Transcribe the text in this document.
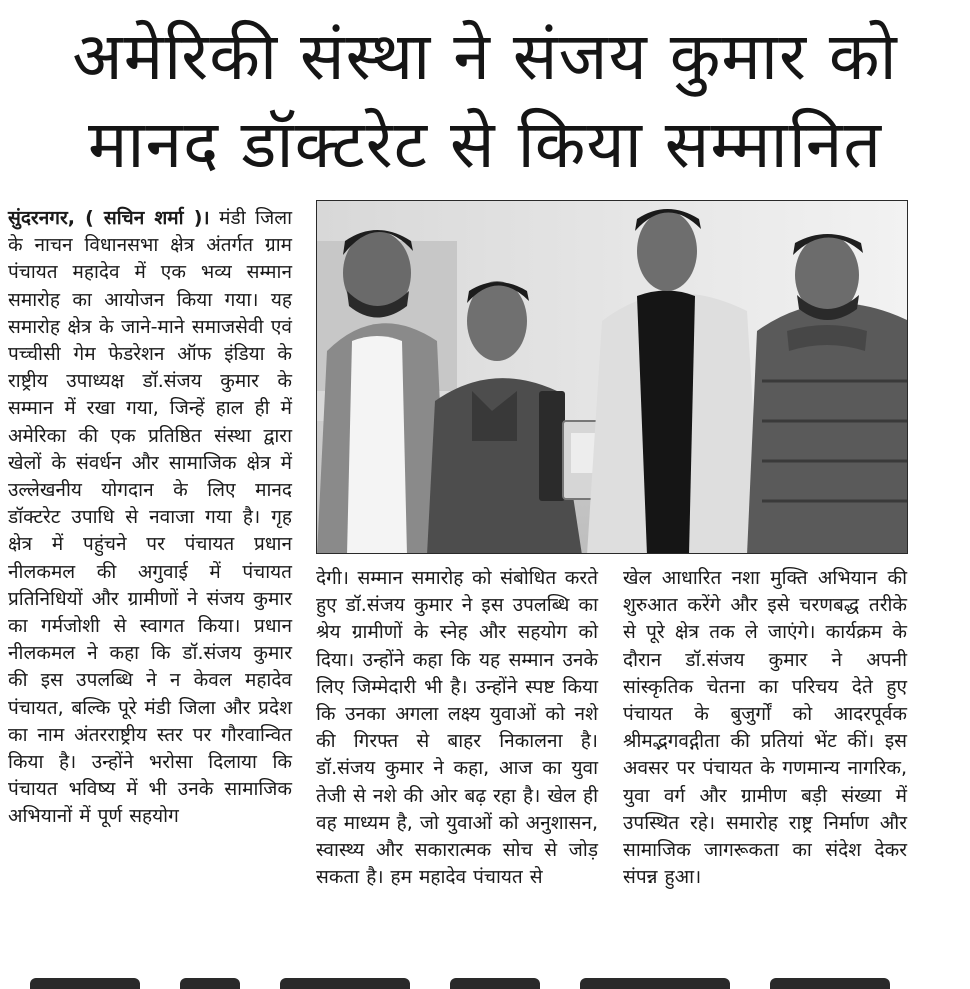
अमेरिकी संस्था ने संजय कुमार को
मानद डॉक्टरेट से किया सम्मानित

सुंदरनगर, ( सचिन शर्मा )। मंडी जिला के नाचन विधानसभा क्षेत्र अंतर्गत ग्राम पंचायत महादेव में एक भव्य सम्मान समारोह का आयोजन किया गया। यह समारोह क्षेत्र के जाने-माने समाजसेवी एवं पच्चीसी गेम फेडरेशन ऑफ इंडिया के राष्ट्रीय उपाध्यक्ष डॉ.संजय कुमार के सम्मान में रखा गया, जिन्हें हाल ही में अमेरिका की एक प्रतिष्ठित संस्था द्वारा खेलों के संवर्धन और सामाजिक क्षेत्र में उल्लेखनीय योगदान के लिए मानद डॉक्टरेट उपाधि से नवाजा गया है। गृह क्षेत्र में पहुंचने पर पंचायत प्रधान नीलकमल की अगुवाई में पंचायत प्रतिनिधियों और ग्रामीणों ने संजय कुमार का गर्मजोशी से स्वागत किया। प्रधान नीलकमल ने कहा कि डॉ.संजय कुमार की इस उपलब्धि ने न केवल महादेव पंचायत, बल्कि पूरे मंडी जिला और प्रदेश का नाम अंतरराष्ट्रीय स्तर पर गौरवान्वित किया है। उन्होंने भरोसा दिलाया कि पंचायत भविष्य में भी उनके सामाजिक अभियानों में पूर्ण सहयोग

देगी। सम्मान समारोह को संबोधित करते हुए डॉ.संजय कुमार ने इस उपलब्धि का श्रेय ग्रामीणों के स्नेह और सहयोग को दिया। उन्होंने कहा कि यह सम्मान उनके लिए जिम्मेदारी भी है। उन्होंने स्पष्ट किया कि उनका अगला लक्ष्य युवाओं को नशे की गिरफ्त से बाहर निकालना है। डॉ.संजय कुमार ने कहा, आज का युवा तेजी से नशे की ओर बढ़ रहा है। खेल ही वह माध्यम है, जो युवाओं को अनुशासन, स्वास्थ्य और सकारात्मक सोच से जोड़ सकता है। हम महादेव पंचायत से

खेल आधारित नशा मुक्ति अभियान की शुरुआत करेंगे और इसे चरणबद्ध तरीके से पूरे क्षेत्र तक ले जाएंगे। कार्यक्रम के दौरान डॉ.संजय कुमार ने अपनी सांस्कृतिक चेतना का परिचय देते हुए पंचायत के बुजुर्गों को आदरपूर्वक श्रीमद्भगवद्गीता की प्रतियां भेंट कीं। इस अवसर पर पंचायत के गणमान्य नागरिक, युवा वर्ग और ग्रामीण बड़ी संख्या में उपस्थित रहे। समारोह राष्ट्र निर्माण और सामाजिक जागरूकता का संदेश देकर संपन्न हुआ।
